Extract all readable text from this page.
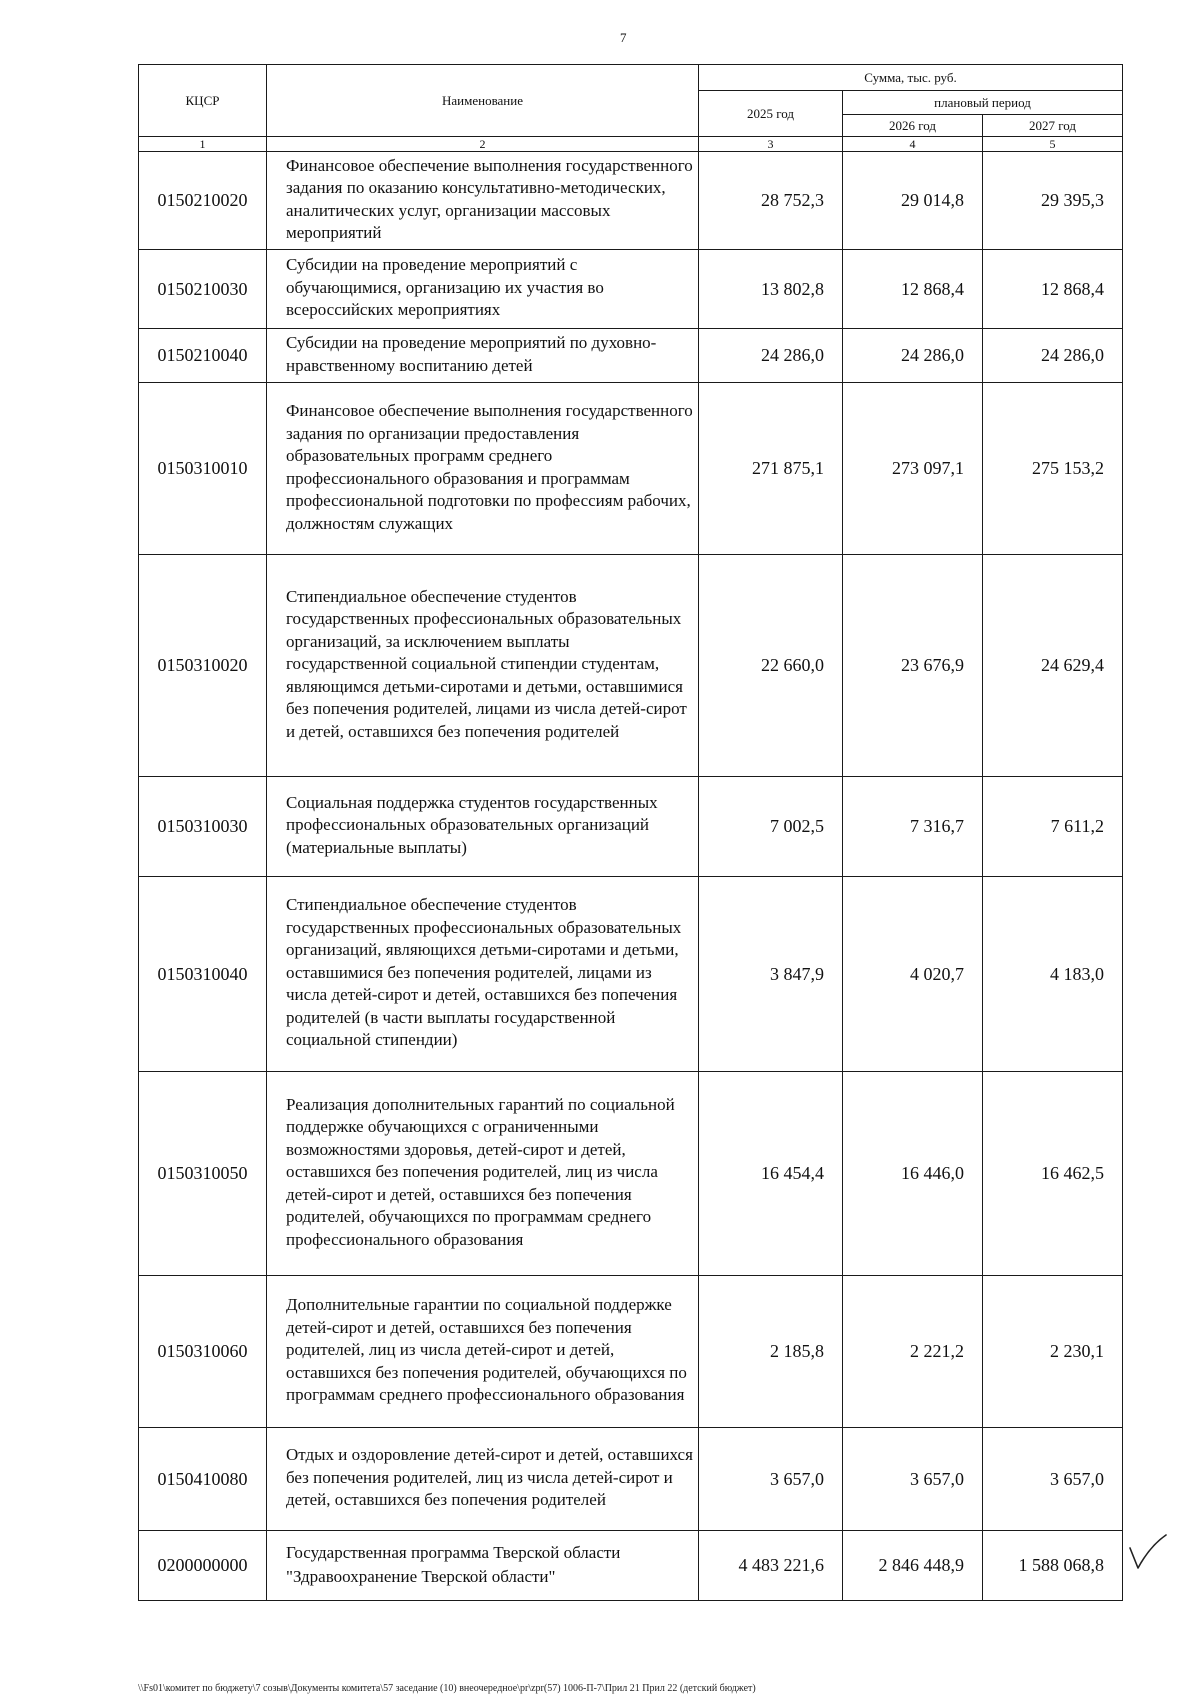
7
КЦСР	Наименование	Сумма, тыс. руб.		
		2025 год	плановый период	
			2026 год	2027 год
1	2	3	4	5
0150210020	Финансовое обеспечение выполнения государственного задания по оказанию консультативно-методических, аналитических услуг, организации массовых мероприятий	28 752,3	29 014,8	29 395,3
0150210030	Субсидии на проведение мероприятий с обучающимися, организацию их участия во всероссийских мероприятиях	13 802,8	12 868,4	12 868,4
0150210040	Субсидии на проведение мероприятий по духовно-нравственному воспитанию детей	24 286,0	24 286,0	24 286,0
0150310010	Финансовое обеспечение выполнения государственного задания по организации предоставления образовательных программ среднего профессионального образования и программам профессиональной подготовки по профессиям рабочих, должностям служащих	271 875,1	273 097,1	275 153,2
0150310020	Стипендиальное обеспечение студентов государственных профессиональных образовательных организаций, за исключением выплаты государственной социальной стипендии студентам, являющимся детьми-сиротами и детьми, оставшимися без попечения родителей, лицами из числа детей-сирот и детей, оставшихся без попечения родителей	22 660,0	23 676,9	24 629,4
0150310030	Социальная поддержка студентов государственных профессиональных образовательных организаций (материальные выплаты)	7 002,5	7 316,7	7 611,2
0150310040	Стипендиальное обеспечение студентов государственных профессиональных образовательных организаций, являющихся детьми-сиротами и детьми, оставшимися без попечения родителей, лицами из числа детей-сирот и детей, оставшихся без попечения родителей (в части выплаты государственной социальной стипендии)	3 847,9	4 020,7	4 183,0
0150310050	Реализация дополнительных гарантий по социальной поддержке обучающихся с ограниченными возможностями здоровья, детей-сирот и детей, оставшихся без попечения родителей, лиц из числа детей-сирот и детей, оставшихся без попечения родителей, обучающихся по программам среднего профессионального образования	16 454,4	16 446,0	16 462,5
0150310060	Дополнительные гарантии по социальной поддержке детей-сирот и детей, оставшихся без попечения родителей, лиц из числа детей-сирот и детей, оставшихся без попечения родителей, обучающихся по программам среднего профессионального образования	2 185,8	2 221,2	2 230,1
0150410080	Отдых и оздоровление детей-сирот и детей, оставшихся без попечения родителей, лиц из числа детей-сирот и детей, оставшихся без попечения родителей	3 657,0	3 657,0	3 657,0
0200000000	Государственная программа Тверской области "Здравоохранение Тверской области"	4 483 221,6	2 846 448,9	1 588 068,8
\\Fs01\комитет по бюджету\7 созыв\Документы комитета\57 заседание (10) внеочередное\pr\zpr(57) 1006-П-7\Прил 21 Прил 22 (детский бюджет)
